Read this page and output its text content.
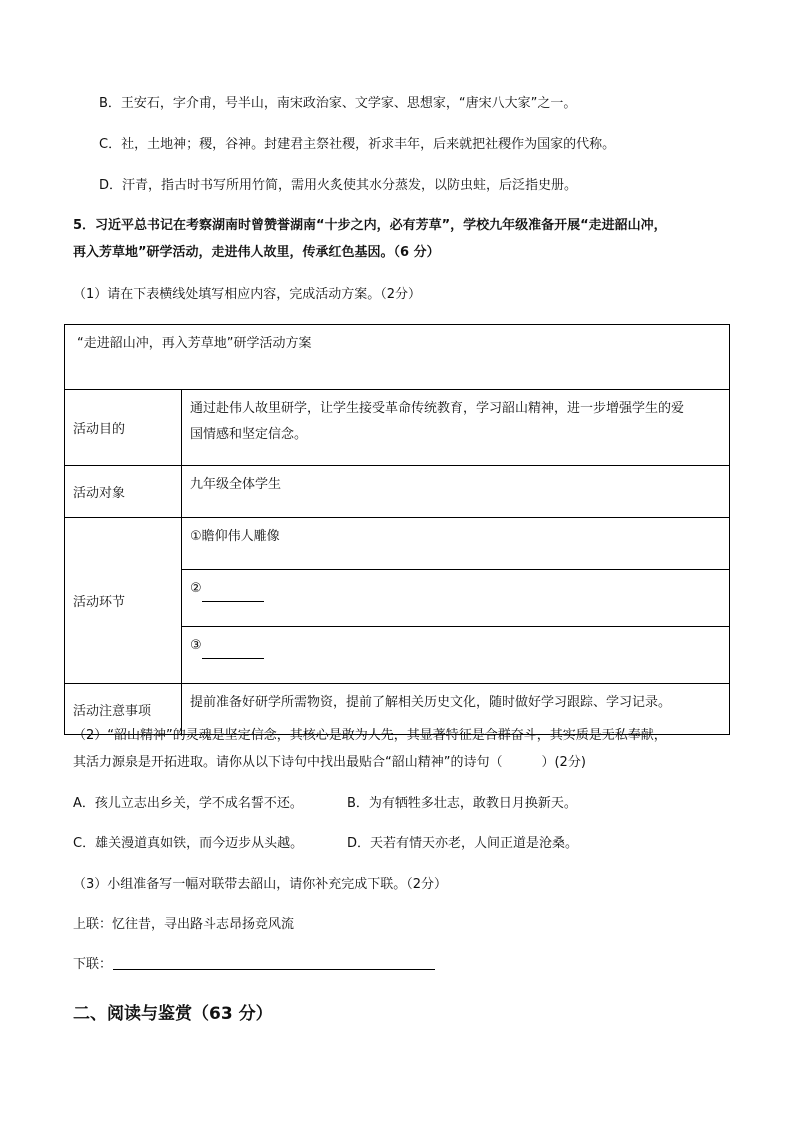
B．王安石，字介甫，号半山，南宋政治家、文学家、思想家，“唐宋八大家”之一。
C．社，土地神；稷，谷神。封建君主祭社稷，祈求丰年，后来就把社稷作为国家的代称。
D．汗青，指古时书写所用竹简，需用火炙使其水分蒸发，以防虫蛀，后泛指史册。
5．习近平总书记在考察湖南时曾赞誉湖南“十步之内，必有芳草”，学校九年级准备开展“走进韶山冲，
再入芳草地”研学活动，走进伟人故里，传承红色基因。（6 分）
（1）请在下表横线处填写相应内容，完成活动方案。（2分）
“走进韶山冲，再入芳草地”研学活动方案	
活动目的	通过赴伟人故里研学，让学生接受革命传统教育，学习韶山精神，进一步增强学生的爱
国情感和坚定信念。

活动对象	九年级全体学生
活动环节	①瞻仰伟人雕像
	②
	③
活动注意事项	提前准备好研学所需物资，提前了解相关历史文化，随时做好学习跟踪、学习记录。
（2）“韶山精神”的灵魂是坚定信念，其核心是敢为人先，其显著特征是合群奋斗，其实质是无私奉献，
其活力源泉是开拓进取。请你从以下诗句中找出最贴合“韶山精神”的诗句（　　　）(2分)
A．孩儿立志出乡关，学不成名誓不还。	B．为有牺牲多壮志，敢教日月换新天。
C．雄关漫道真如铁，而今迈步从头越。	D．天若有情天亦老，人间正道是沧桑。
（3）小组准备写一幅对联带去韶山，请你补充完成下联。（2分）
上联：忆往昔，寻出路斗志昂扬竞风流
下联：
二、阅读与鉴赏（63 分）
